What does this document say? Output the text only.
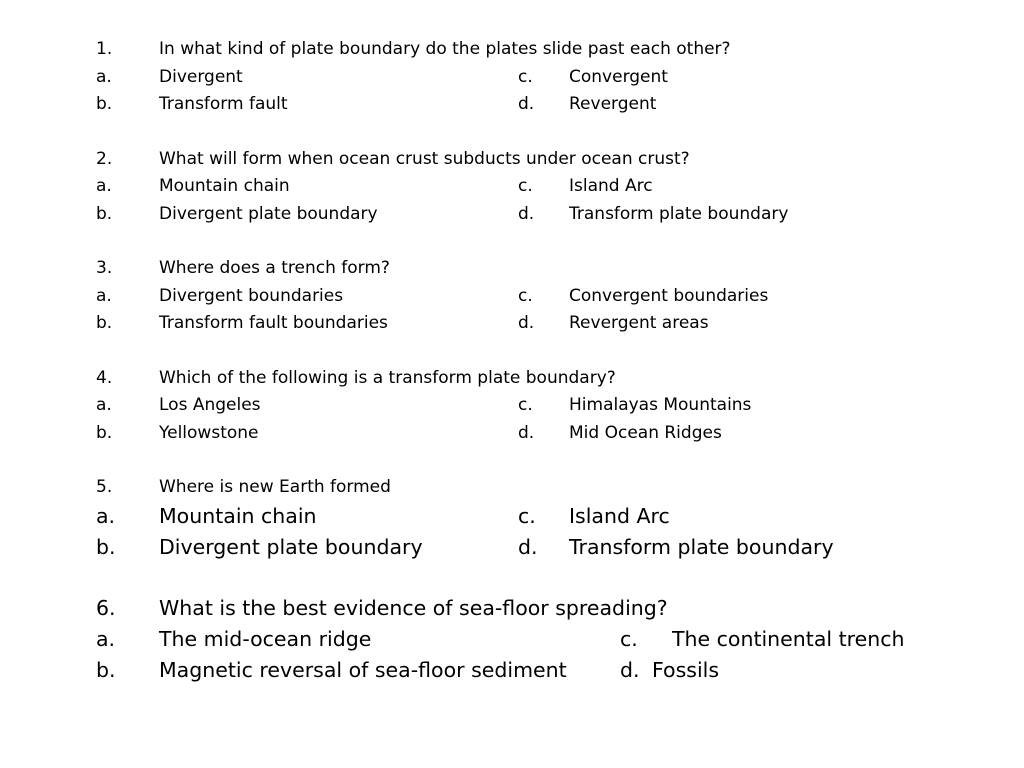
1.	In what kind of plate boundary do the plates slide past each other?
a.	Divergent	c. Convergent
b.	Transform fault	d. Revergent
2.	What will form when ocean crust subducts under ocean crust?
a.	Mountain chain	c. Island Arc
b.	Divergent plate boundary	d. Transform plate boundary
3.	Where does a trench form?
a.	Divergent boundaries	c. Convergent boundaries
b.	Transform fault boundaries	d. Revergent areas
4.	Which of the following is a transform plate boundary?
a.	Los Angeles	c. Himalayas Mountains
b.	Yellowstone	d. Mid Ocean Ridges
5.	Where is new Earth formed
a. Mountain chain	c. Island Arc
b. Divergent plate boundary	d. Transform plate boundary
6. What is the best evidence of sea-floor spreading?
a. The mid-ocean ridge	c. The continental trench
b. Magnetic reversal of sea-floor sediment	d. Fossils
